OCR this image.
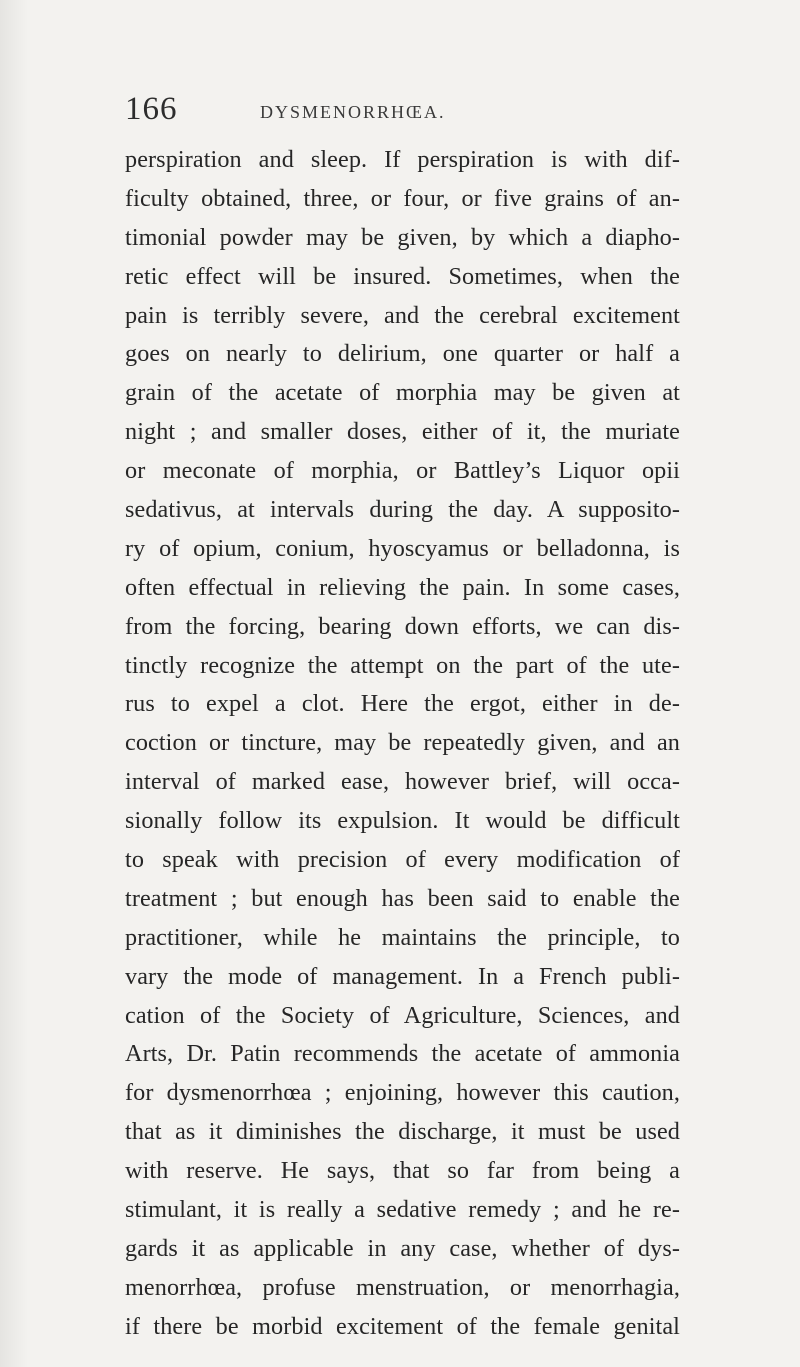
166	DYSMENORRHŒA.
perspiration and sleep. If perspiration is with dif-
ficulty obtained, three, or four, or five grains of an-
timonial powder may be given, by which a diapho-
retic effect will be insured. Sometimes, when the
pain is terribly severe, and the cerebral excitement
goes on nearly to delirium, one quarter or half a
grain of the acetate of morphia may be given at
night ; and smaller doses, either of it, the muriate
or meconate of morphia, or Battley’s Liquor opii
sedativus, at intervals during the day. A supposito-
ry of opium, conium, hyoscyamus or belladonna, is
often effectual in relieving the pain. In some cases,
from the forcing, bearing down efforts, we can dis-
tinctly recognize the attempt on the part of the ute-
rus to expel a clot. Here the ergot, either in de-
coction or tincture, may be repeatedly given, and an
interval of marked ease, however brief, will occa-
sionally follow its expulsion. It would be difficult
to speak with precision of every modification of
treatment ; but enough has been said to enable the
practitioner, while he maintains the principle, to
vary the mode of management. In a French publi-
cation of the Society of Agriculture, Sciences, and
Arts, Dr. Patin recommends the acetate of ammonia
for dysmenorrhœa ; enjoining, however this caution,
that as it diminishes the discharge, it must be used
with reserve. He says, that so far from being a
stimulant, it is really a sedative remedy ; and he re-
gards it as applicable in any case, whether of dys-
menorrhœa, profuse menstruation, or menorrhagia,
if there be morbid excitement of the female genital
